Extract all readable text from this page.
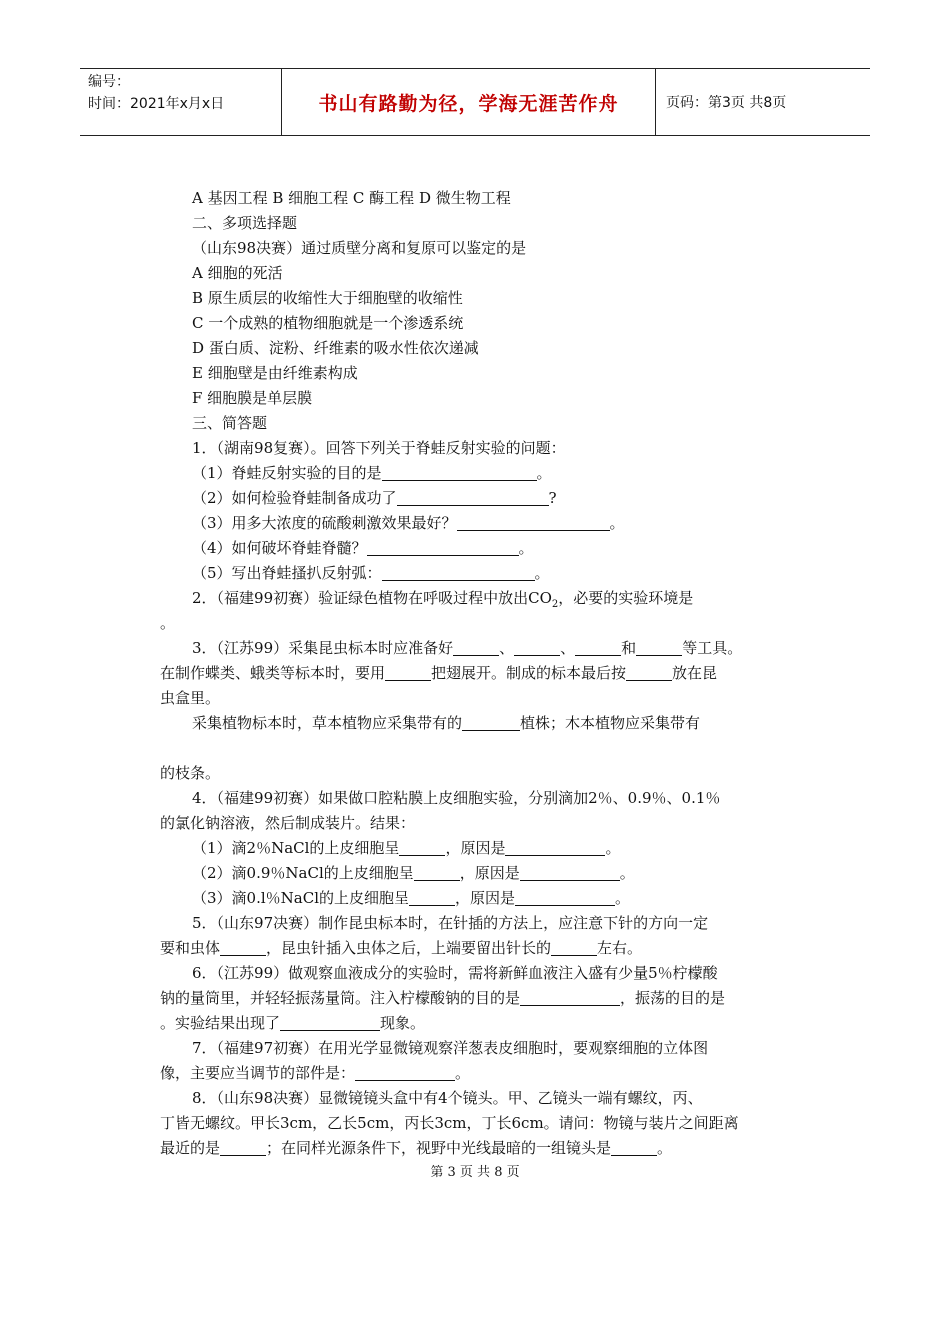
编号：
时间：2021年x月x日	书山有路勤为径，学海无涯苦作舟	页码：第3页 共8页
A 基因工程 B 细胞工程 C 酶工程 D 微生物工程
二、多项选择题
（山东98决赛）通过质壁分离和复原可以鉴定的是
A 细胞的死活
B 原生质层的收缩性大于细胞壁的收缩性
C 一个成熟的植物细胞就是一个渗透系统
D 蛋白质、淀粉、纤维素的吸水性依次递减
E 细胞壁是由纤维素构成
F 细胞膜是单层膜
三、简答题
1．（湖南98复赛）。回答下列关于脊蛙反射实验的问题：
（1）脊蛙反射实验的目的是	。
（2）如何检验脊蛙制备成功了	?
（3）用多大浓度的硫酸刺激效果最好？	。
（4）如何破坏脊蛙脊髓？	。
（5）写出脊蛙搔扒反射弧：	。
2．（福建99初赛）验证绿色植物在呼吸过程中放出$CO_2$，必要的实验环境是
。
3．（江苏99）采集昆虫标本时应准备好	、	、	和	等工具。
在制作蝶类、蛾类等标本时，要用	把翅展开。制成的标本最后按	放在昆
虫盒里。
采集植物标本时，草本植物应采集带有的	植株；木本植物应采集带有
的枝条。
4．（福建99初赛）如果做口腔粘膜上皮细胞实验，分别滴加2％、0.9％、0.1％
的氯化钠溶液，然后制成装片。结果：
（1）滴2％NaCl的上皮细胞呈	，原因是	。
（2）滴0.9％NaCl的上皮细胞呈	，原因是	。
（3）滴0.l％NaCl的上皮细胞呈	，原因是	。
5．（山东97决赛）制作昆虫标本时，在针插的方法上，应注意下针的方向一定
要和虫体	，昆虫针插入虫体之后，上端要留出针长的	左右。
6．（江苏99）做观察血液成分的实验时，需将新鲜血液注入盛有少量5％柠檬酸
钠的量筒里，并轻轻振荡量筒。注入柠檬酸钠的目的是	，振荡的目的是
。实验结果出现了	现象。
7．（福建97初赛）在用光学显微镜观察洋葱表皮细胞时，要观察细胞的立体图
像，主要应当调节的部件是：	。
8．（山东98决赛）显微镜镜头盒中有4个镜头。甲、乙镜头一端有螺纹，丙、
丁皆无螺纹。甲长3cm，乙长5cm，丙长3cm，丁长6cm。请问：物镜与装片之间距离
最近的是	；在同样光源条件下，视野中光线最暗的一组镜头是	。
第 3 页 共 8 页
